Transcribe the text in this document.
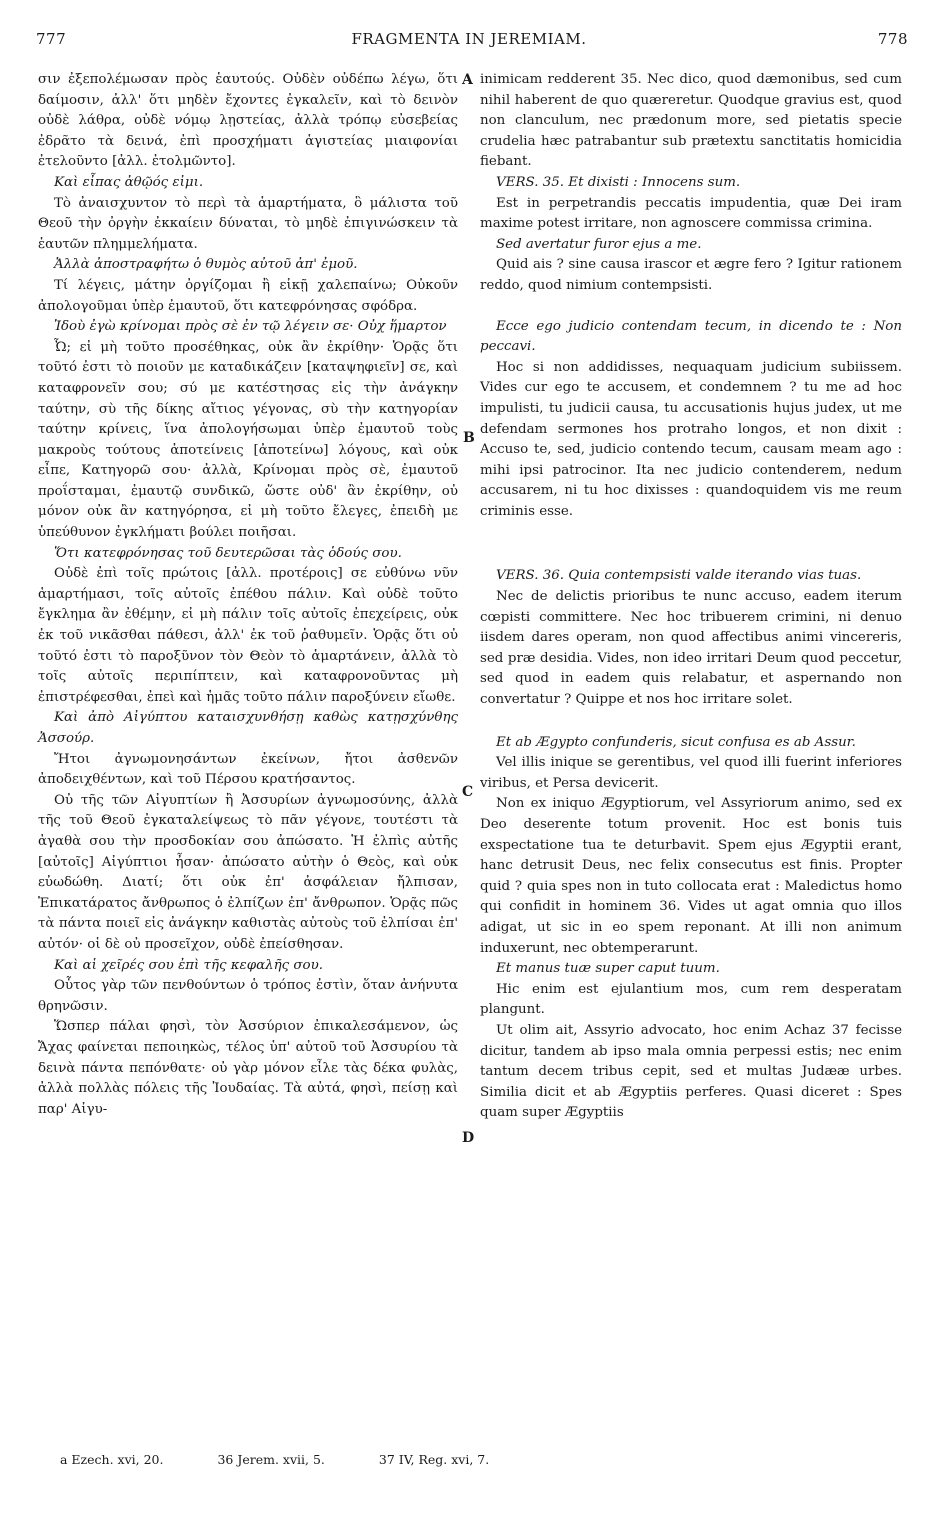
777	FRAGMENTA IN JEREMIAM.	778

σιν ἐξεπολέμωσαν πρὸς ἑαυτούς. Οὐδὲν οὐδέπω λέγω, ὅτι δαίμοσιν, ἀλλ' ὅτι μηδὲν ἔχοντες ἐγκαλεῖν, καὶ τὸ δεινὸν οὐδὲ λάθρα, οὐδὲ νόμῳ λῃστείας, ἀλλὰ τρόπῳ εὐσεβείας ἐδρᾶτο τὰ δεινά, ἐπὶ προσχήματι ἁγιστείας μιαιφονίαι ἐτελοῦντο [ἀλλ. ἐτολμῶντο].

Καὶ εἶπας ἀθῷός εἰμι.

Τὸ ἀναισχυντον τὸ περὶ τὰ ἁμαρτήματα, ὃ μάλιστα τοῦ Θεοῦ τὴν ὀργὴν ἐκκαίειν δύναται, τὸ μηδὲ ἐπιγινώσκειν τὰ ἑαυτῶν πλημμελήματα.

Ἀλλὰ ἀποστραφήτω ὁ θυμὸς αὐτοῦ ἀπ' ἐμοῦ.

Τί λέγεις, μάτην ὀργίζομαι ἢ εἰκῇ χαλεπαίνω; Οὐκοῦν ἀπολογοῦμαι ὑπὲρ ἐμαυτοῦ, ὅτι κατεφρόνησας σφόδρα.

Ἰδοὺ ἐγὼ κρίνομαι πρὸς σὲ ἐν τῷ λέγειν σε· Οὐχ ἥμαρτον

Ὦ; εἰ μὴ τοῦτο προσέθηκας, οὐκ ἂν ἐκρίθην· Ὁρᾷς ὅτι τοῦτό ἐστι τὸ ποιοῦν με καταδικάζειν [καταψηφιεῖν] σε, καὶ καταφρονεῖν σου; σύ με κατέστησας εἰς τὴν ἀνάγκην ταύτην, σὺ τῆς δίκης αἴτιος γέγονας, σὺ τὴν κατηγορίαν ταύτην κρίνεις, ἵνα ἀπολογήσωμαι ὑπὲρ ἐμαυτοῦ τοὺς μακροὺς τούτους ἀποτείνεις [ἀποτείνω] λόγους, καὶ οὐκ εἶπε, Κατηγορῶ σου· ἀλλὰ, Κρίνομαι πρὸς σὲ, ἐμαυτοῦ προΐσταμαι, ἐμαυτῷ συνδικῶ, ὥστε οὐδ' ἂν ἐκρίθην, οὐ μόνον οὐκ ἂν κατηγόρησα, εἰ μὴ τοῦτο ἔλεγες, ἐπειδὴ με ὑπεύθυνον ἐγκλήματι βούλει ποιῆσαι.

Ὅτι κατεφρόνησας τοῦ δευτερῶσαι τὰς ὁδούς σου.

Οὐδὲ ἐπὶ τοῖς πρώτοις [ἀλλ. προτέροις] σε εὐθύνω νῦν ἁμαρτήμασι, τοῖς αὐτοῖς ἐπέθου πάλιν. Καὶ οὐδὲ τοῦτο ἔγκλημα ἂν ἐθέμην, εἰ μὴ πάλιν τοῖς αὐτοῖς ἐπεχείρεις, οὐκ ἐκ τοῦ νικᾶσθαι πάθεσι, ἀλλ' ἐκ τοῦ ῥαθυμεῖν. Ὁρᾷς ὅτι οὐ τοῦτό ἐστι τὸ παροξῦνον τὸν Θεὸν τὸ ἁμαρτάνειν, ἀλλὰ τὸ τοῖς αὐτοῖς περιπίπτειν, καὶ καταφρονοῦντας μὴ ἐπιστρέφεσθαι, ἐπεὶ καὶ ἡμᾶς τοῦτο πάλιν παροξύνειν εἴωθε.

Καὶ ἀπὸ Αἰγύπτου καταισχυνθήσῃ καθὼς κατῃσχύνθης Ἀσσούρ.

Ἤτοι ἀγνωμονησάντων ἐκείνων, ἤτοι ἀσθενῶν ἀποδειχθέντων, καὶ τοῦ Πέρσου κρατήσαντος.

Οὐ τῆς τῶν Αἰγυπτίων ἢ Ἀσσυρίων ἀγνωμοσύνης, ἀλλὰ τῆς τοῦ Θεοῦ ἐγκαταλείψεως τὸ πᾶν γέγονε, τουτέστι τὰ ἀγαθὰ σου τὴν προσδοκίαν σου ἀπώσατο. Ἡ ἐλπὶς αὐτῆς [αὐτοῖς] Αἰγύπτιοι ἦσαν· ἀπώσατο αὐτὴν ὁ Θεὸς, καὶ οὐκ εὐωδώθη. Διατί; ὅτι οὐκ ἐπ' ἀσφάλειαν ἤλπισαν, Ἐπικατάρατος ἄνθρωπος ὁ ἐλπίζων ἐπ' ἄνθρωπον. Ὁρᾷς πῶς τὰ πάντα ποιεῖ εἰς ἀνάγκην καθιστὰς αὐτοὺς τοῦ ἐλπίσαι ἐπ' αὐτόν· οἱ δὲ οὐ προσεῖχον, οὐδὲ ἐπείσθησαν.

Καὶ αἱ χεῖρές σου ἐπὶ τῆς κεφαλῆς σου.

Οὗτος γὰρ τῶν πενθούντων ὁ τρόπος ἐστὶν, ὅταν ἀνήνυτα θρηνῶσιν.

Ὥσπερ πάλαι φησὶ, τὸν Ἀσσύριον ἐπικαλεσάμενον, ὡς Ἄχας φαίνεται πεποιηκὼς, τέλος ὑπ' αὐτοῦ τοῦ Ἀσσυρίου τὰ δεινὰ πάντα πεπόνθατε· οὐ γὰρ μόνον εἶλε τὰς δέκα φυλὰς, ἀλλὰ πολλὰς πόλεις τῆς Ἰουδαίας. Τὰ αὐτά, φησὶ, πείσῃ καὶ παρ' Αἰγυ-

inimicam redderent 35. Nec dico, quod dæmonibus, sed cum nihil haberent de quo quæreretur. Quodque gravius est, quod non clanculum, nec prædonum more, sed pietatis specie crudelia hæc patrabantur sub prætextu sanctitatis homicidia fiebant.

VERS. 35. Et dixisti : Innocens sum.

Est in perpetrandis peccatis impudentia, quæ Dei iram maxime potest irritare, non agnoscere commissa crimina.

Sed avertatur furor ejus a me.

Quid ais ? sine causa irascor et ægre fero ? Igitur rationem reddo, quod nimium contempsisti.

Ecce ego judicio contendam tecum, in dicendo te : Non peccavi.

Hoc si non addidisses, nequaquam judicium subiissem. Vides cur ego te accusem, et condemnem ? tu me ad hoc impulisti, tu judicii causa, tu accusationis hujus judex, ut me defendam sermones hos protraho longos, et non dixit : Accuso te, sed, judicio contendo tecum, causam meam ago : mihi ipsi patrocinor. Ita nec judicio contenderem, nedum accusarem, ni tu hoc dixisses : quandoquidem vis me reum criminis esse.

VERS. 36. Quia contempsisti valde iterando vias tuas.

Nec de delictis prioribus te nunc accuso, eadem iterum cœpisti committere. Nec hoc tribuerem crimini, ni denuo iisdem dares operam, non quod affectibus animi vincereris, sed præ desidia. Vides, non ideo irritari Deum quod peccetur, sed quod in eadem quis relabatur, et aspernando non convertatur ? Quippe et nos hoc irritare solet.

Et ab Ægypto confunderis, sicut confusa es ab Assur.

Vel illis inique se gerentibus, vel quod illi fuerint inferiores viribus, et Persa devicerit.

Non ex iniquo Ægyptiorum, vel Assyriorum animo, sed ex Deo deserente totum provenit. Hoc est bonis tuis exspectatione tua te deturbavit. Spem ejus Ægyptii erant, hanc detrusit Deus, nec felix consecutus est finis. Propter quid ? quia spes non in tuto collocata erat : Maledictus homo qui confidit in hominem 36. Vides ut agat omnia quo illos adigat, ut sic in eo spem reponant. At illi non animum induxerunt, nec obtemperarunt.

Et manus tuæ super caput tuum.

Hic enim est ejulantium mos, cum rem desperatam plangunt.

Ut olim ait, Assyrio advocato, hoc enim Achaz 37 fecisse dicitur, tandem ab ipso mala omnia perpessi estis; nec enim tantum decem tribus cepit, sed et multas Judææ urbes. Similia dicit et ab Ægyptiis perferes. Quasi diceret : Spes quam super Ægyptiis

A
B
C
D
a Ezech. xvi, 20.	36 Jerem. xvii, 5.	37 IV, Reg. xvi, 7.
